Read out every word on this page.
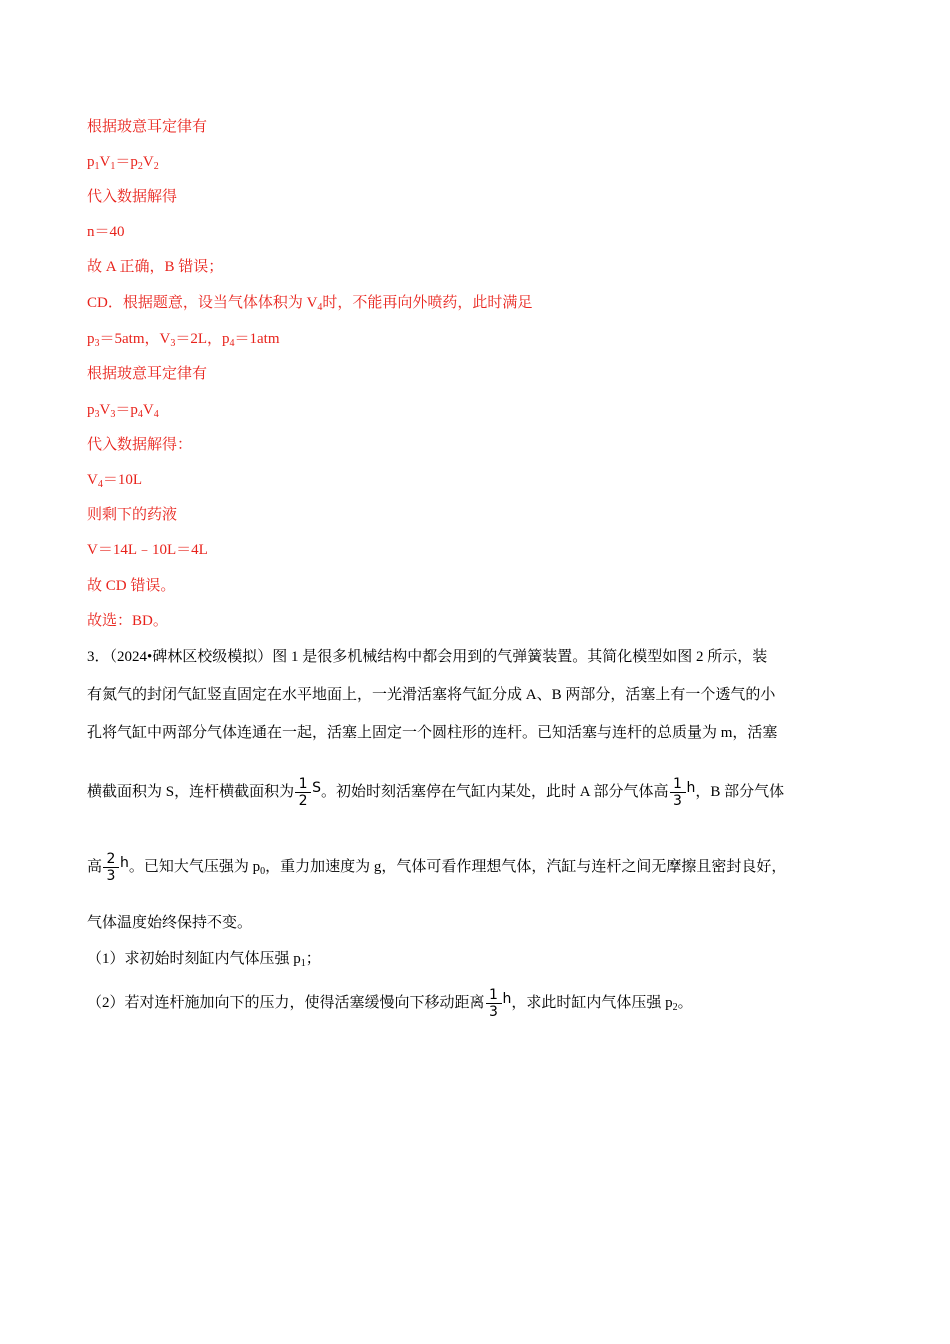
根据玻意耳定律有
$p_1V_1=p_2V_2$
代入数据解得
n＝40
故 A 正确，B 错误；
CD．根据题意，设当气体体积为 $V_4$时，不能再向外喷药，此时满足
$p_3=5atm$，$V_3=2L$，$p_4=1atm$
根据玻意耳定律有
$p_3V_3=p_4V_4$
代入数据解得：
$V_4=10L$
则剩下的药液
V＝14L﹣10L＝4L
故 CD 错误。
故选：BD。
3．（2024•碑林区校级模拟）图 1 是很多机械结构中都会用到的气弹簧装置。其简化模型如图 2 所示，装
有氮气的封闭气缸竖直固定在水平地面上，一光滑活塞将气缸分成 A、B 两部分，活塞上有一个透气的小
孔将气缸中两部分气体连通在一起，活塞上固定一个圆柱形的连杆。已知活塞与连杆的总质量为 m，活塞
横截面积为 S，连杆横截面积为 $\frac{1}{2}$ S。初始时刻活塞停在气缸内某处，此时 A 部分气体高 $\frac{1}{3}$ h，B 部分气体
高 $\frac{2}{3}$ h。已知大气压强为 $p_0$，重力加速度为 g，气体可看作理想气体，汽缸与连杆之间无摩擦且密封良好，
气体温度始终保持不变。
（1）求初始时刻缸内气体压强 $p_1$；
（2）若对连杆施加向下的压力，使得活塞缓慢向下移动距离 $\frac{1}{3}$ h，求此时缸内气体压强 $p_2$。
